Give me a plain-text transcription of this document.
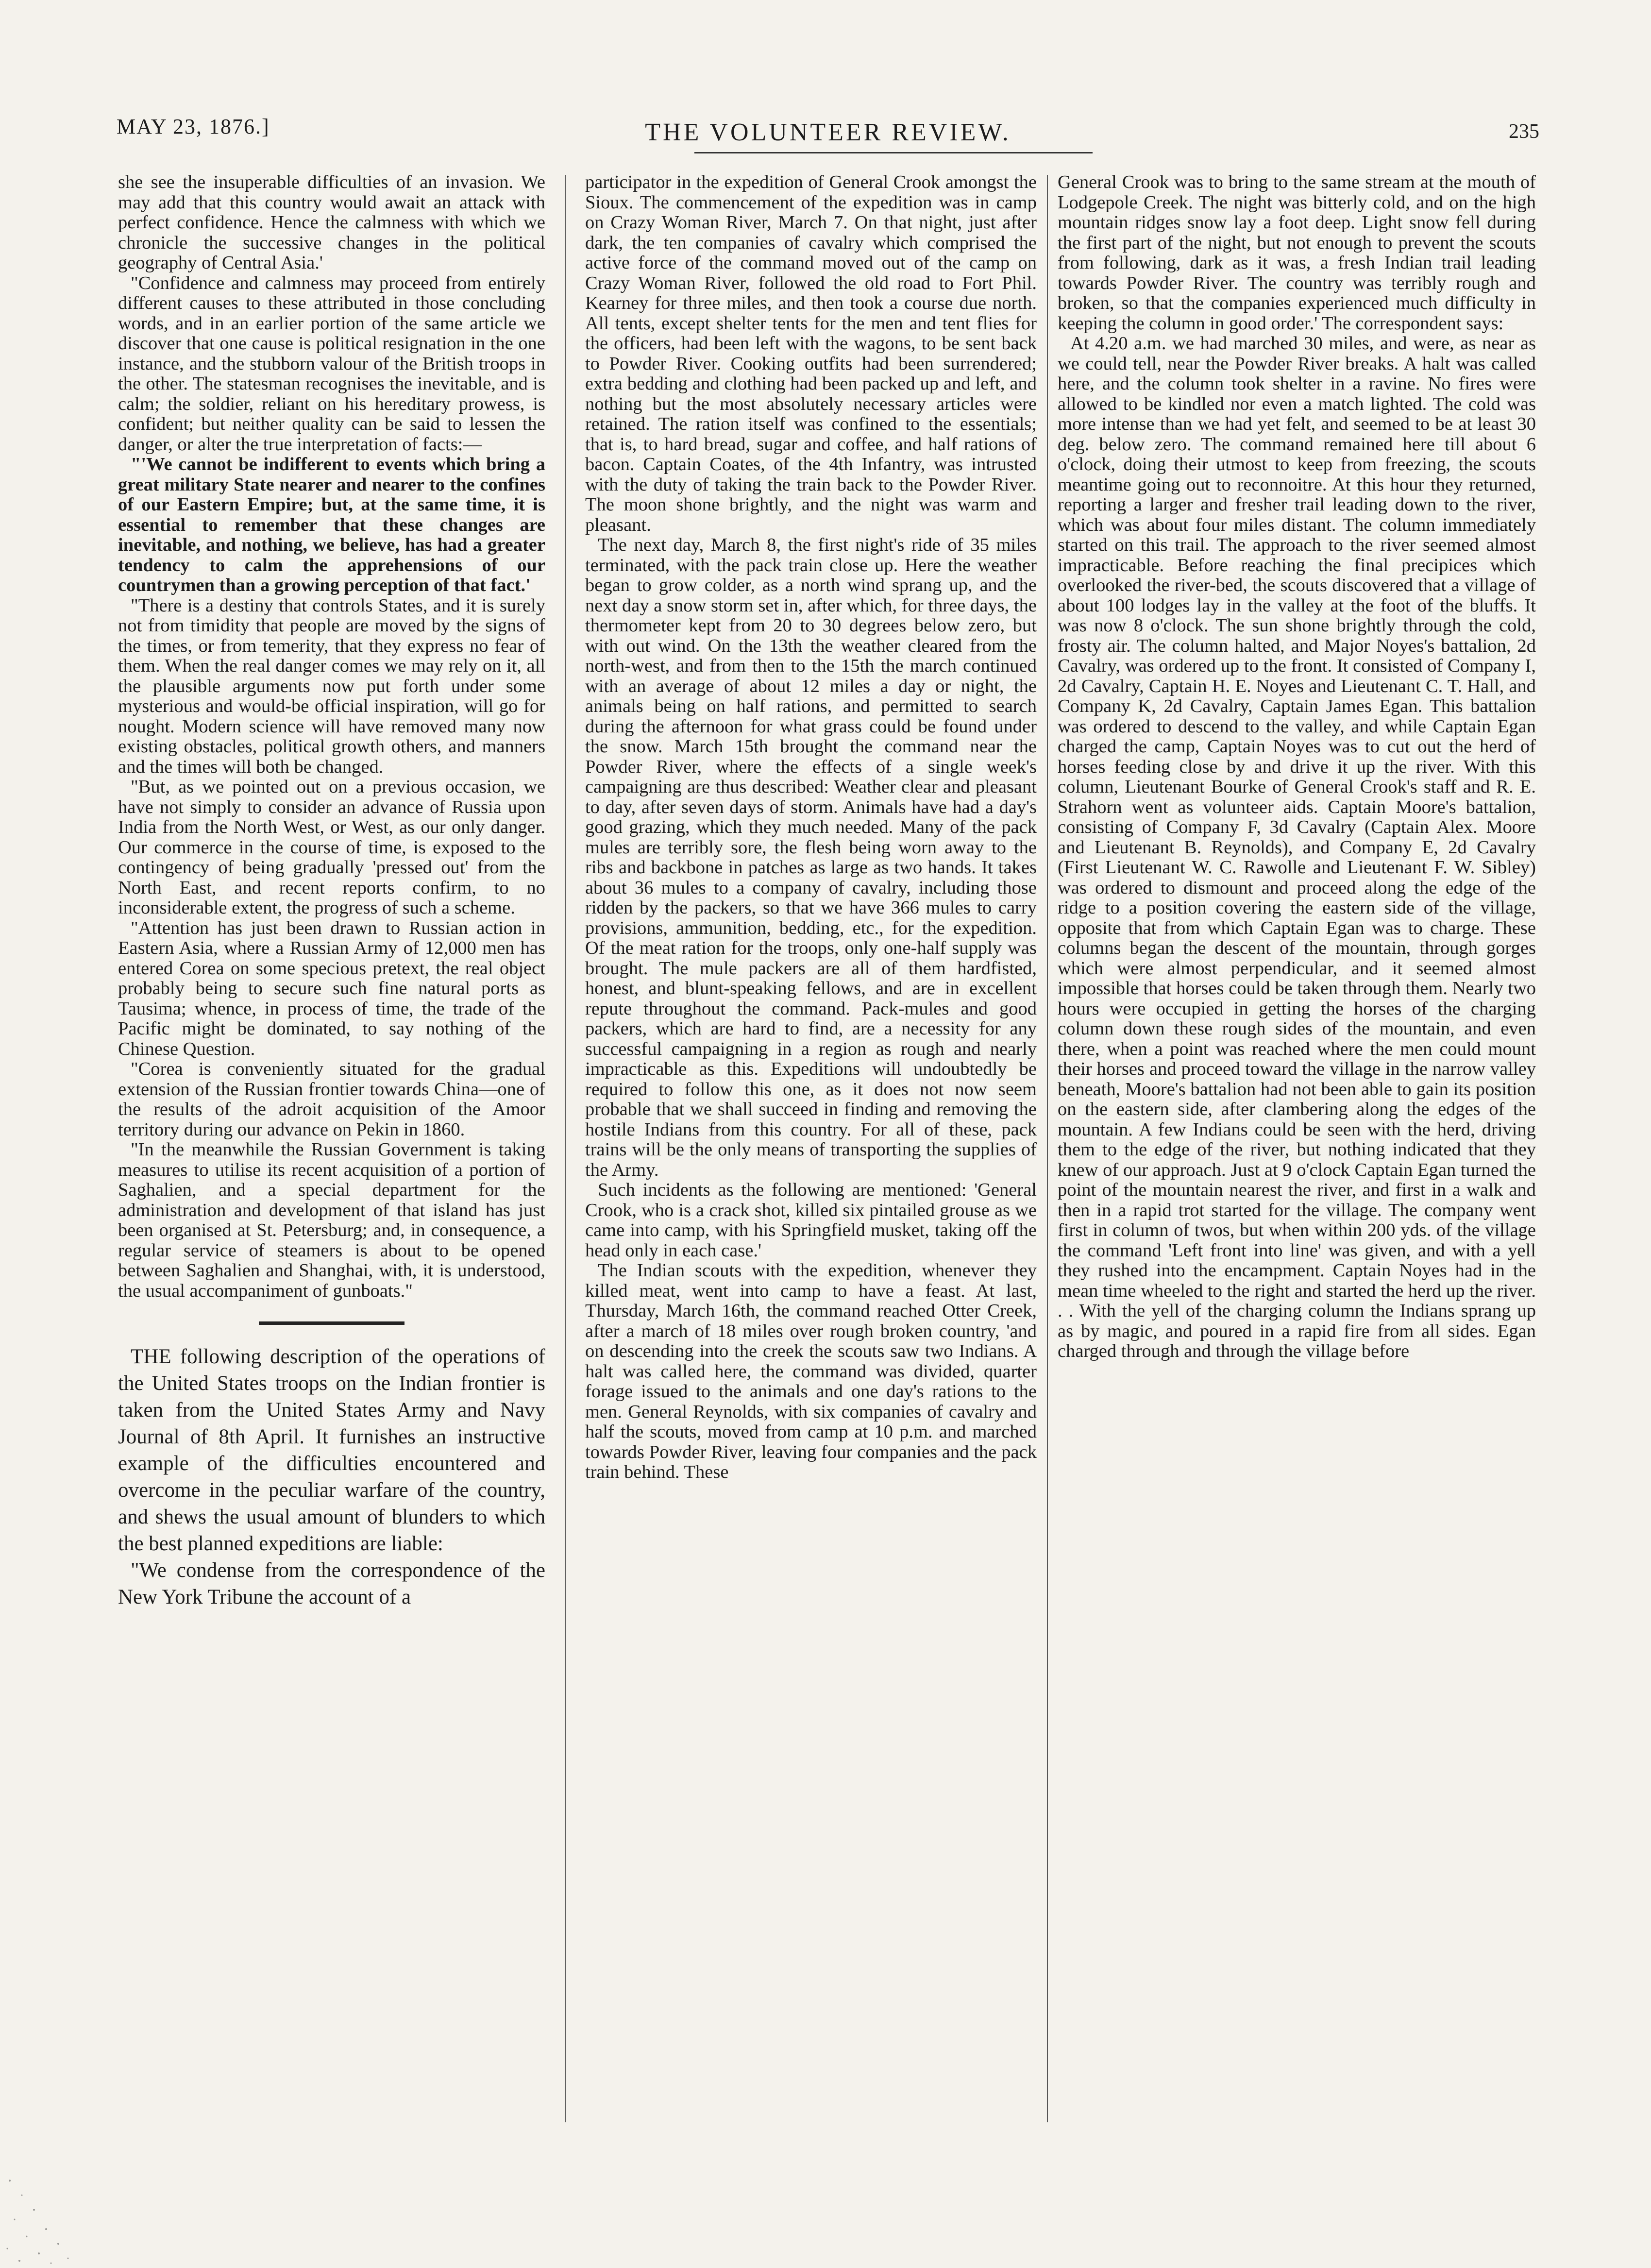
MAY 23, 1876.]	THE VOLUNTEER REVIEW.	235

she see the insuperable difficulties of an invasion. We may add that this country would await an attack with perfect confidence. Hence the calmness with which we chronicle the successive changes in the political geography of Central Asia.'

"Confidence and calmness may proceed from entirely different causes to these attributed in those concluding words, and in an earlier portion of the same article we discover that one cause is political resignation in the one instance, and the stubborn valour of the British troops in the other. The statesman recognises the inevitable, and is calm; the soldier, reliant on his hereditary prowess, is confident; but neither quality can be said to lessen the danger, or alter the true interpretation of facts:—

"'We cannot be indifferent to events which bring a great military State nearer and nearer to the confines of our Eastern Empire; but, at the same time, it is essential to remember that these changes are inevitable, and nothing, we believe, has had a greater tendency to calm the apprehensions of our countrymen than a growing perception of that fact.'

"There is a destiny that controls States, and it is surely not from timidity that people are moved by the signs of the times, or from temerity, that they express no fear of them. When the real danger comes we may rely on it, all the plausible arguments now put forth under some mysterious and would-be official inspiration, will go for nought. Modern science will have removed many now existing obstacles, political growth others, and manners and the times will both be changed.

"But, as we pointed out on a previous occasion, we have not simply to consider an advance of Russia upon India from the North West, or West, as our only danger. Our commerce in the course of time, is exposed to the contingency of being gradually 'pressed out' from the North East, and recent reports confirm, to no inconsiderable extent, the progress of such a scheme.

"Attention has just been drawn to Russian action in Eastern Asia, where a Russian Army of 12,000 men has entered Corea on some specious pretext, the real object probably being to secure such fine natural ports as Tausima; whence, in process of time, the trade of the Pacific might be dominated, to say nothing of the Chinese Question.

"Corea is conveniently situated for the gradual extension of the Russian frontier towards China—one of the results of the adroit acquisition of the Amoor territory during our advance on Pekin in 1860.

"In the meanwhile the Russian Government is taking measures to utilise its recent acquisition of a portion of Saghalien, and a special department for the administration and development of that island has just been organised at St. Petersburg; and, in consequence, a regular service of steamers is about to be opened between Saghalien and Shanghai, with, it is understood, the usual accompaniment of gunboats."

THE following description of the operations of the United States troops on the Indian frontier is taken from the United States Army and Navy Journal of 8th April. It furnishes an instructive example of the difficulties encountered and overcome in the peculiar warfare of the country, and shews the usual amount of blunders to which the best planned expeditions are liable:

"We condense from the correspondence of the New York Tribune the account of a

participator in the expedition of General Crook amongst the Sioux. The commencement of the expedition was in camp on Crazy Woman River, March 7. On that night, just after dark, the ten companies of cavalry which comprised the active force of the command moved out of the camp on Crazy Woman River, followed the old road to Fort Phil. Kearney for three miles, and then took a course due north. All tents, except shelter tents for the men and tent flies for the officers, had been left with the wagons, to be sent back to Powder River. Cooking outfits had been surrendered; extra bedding and clothing had been packed up and left, and nothing but the most absolutely necessary articles were retained. The ration itself was confined to the essentials; that is, to hard bread, sugar and coffee, and half rations of bacon. Captain Coates, of the 4th Infantry, was intrusted with the duty of taking the train back to the Powder River. The moon shone brightly, and the night was warm and pleasant.

The next day, March 8, the first night's ride of 35 miles terminated, with the pack train close up. Here the weather began to grow colder, as a north wind sprang up, and the next day a snow storm set in, after which, for three days, the thermometer kept from 20 to 30 degrees below zero, but with out wind. On the 13th the weather cleared from the north-west, and from then to the 15th the march continued with an average of about 12 miles a day or night, the animals being on half rations, and permitted to search during the afternoon for what grass could be found under the snow. March 15th brought the command near the Powder River, where the effects of a single week's campaigning are thus described: Weather clear and pleasant to day, after seven days of storm. Animals have had a day's good grazing, which they much needed. Many of the pack mules are terribly sore, the flesh being worn away to the ribs and backbone in patches as large as two hands. It takes about 36 mules to a company of cavalry, including those ridden by the packers, so that we have 366 mules to carry provisions, ammunition, bedding, etc., for the expedition. Of the meat ration for the troops, only one-half supply was brought. The mule packers are all of them hardfisted, honest, and blunt-speaking fellows, and are in excellent repute throughout the command. Pack-mules and good packers, which are hard to find, are a necessity for any successful campaigning in a region as rough and nearly impracticable as this. Expeditions will undoubtedly be required to follow this one, as it does not now seem probable that we shall succeed in finding and removing the hostile Indians from this country. For all of these, pack trains will be the only means of transporting the supplies of the Army.

Such incidents as the following are mentioned: 'General Crook, who is a crack shot, killed six pintailed grouse as we came into camp, with his Springfield musket, taking off the head only in each case.'

The Indian scouts with the expedition, whenever they killed meat, went into camp to have a feast. At last, Thursday, March 16th, the command reached Otter Creek, after a march of 18 miles over rough broken country, 'and on descending into the creek the scouts saw two Indians. A halt was called here, the command was divided, quarter forage issued to the animals and one day's rations to the men. General Reynolds, with six companies of cavalry and half the scouts, moved from camp at 10 p.m. and marched towards Powder River, leaving four companies and the pack train behind. These

General Crook was to bring to the same stream at the mouth of Lodgepole Creek. The night was bitterly cold, and on the high mountain ridges snow lay a foot deep. Light snow fell during the first part of the night, but not enough to prevent the scouts from following, dark as it was, a fresh Indian trail leading towards Powder River. The country was terribly rough and broken, so that the companies experienced much difficulty in keeping the column in good order.' The correspondent says:

At 4.20 a.m. we had marched 30 miles, and were, as near as we could tell, near the Powder River breaks. A halt was called here, and the column took shelter in a ravine. No fires were allowed to be kindled nor even a match lighted. The cold was more intense than we had yet felt, and seemed to be at least 30 deg. below zero. The command remained here till about 6 o'clock, doing their utmost to keep from freezing, the scouts meantime going out to reconnoitre. At this hour they returned, reporting a larger and fresher trail leading down to the river, which was about four miles distant. The column immediately started on this trail. The approach to the river seemed almost impracticable. Before reaching the final precipices which overlooked the river-bed, the scouts discovered that a village of about 100 lodges lay in the valley at the foot of the bluffs. It was now 8 o'clock. The sun shone brightly through the cold, frosty air. The column halted, and Major Noyes's battalion, 2d Cavalry, was ordered up to the front. It consisted of Company I, 2d Cavalry, Captain H. E. Noyes and Lieutenant C. T. Hall, and Company K, 2d Cavalry, Captain James Egan. This battalion was ordered to descend to the valley, and while Captain Egan charged the camp, Captain Noyes was to cut out the herd of horses feeding close by and drive it up the river. With this column, Lieutenant Bourke of General Crook's staff and R. E. Strahorn went as volunteer aids. Captain Moore's battalion, consisting of Company F, 3d Cavalry (Captain Alex. Moore and Lieutenant B. Reynolds), and Company E, 2d Cavalry (First Lieutenant W. C. Rawolle and Lieutenant F. W. Sibley) was ordered to dismount and proceed along the edge of the ridge to a position covering the eastern side of the village, opposite that from which Captain Egan was to charge. These columns began the descent of the mountain, through gorges which were almost perpendicular, and it seemed almost impossible that horses could be taken through them. Nearly two hours were occupied in getting the horses of the charging column down these rough sides of the mountain, and even there, when a point was reached where the men could mount their horses and proceed toward the village in the narrow valley beneath, Moore's battalion had not been able to gain its position on the eastern side, after clambering along the edges of the mountain. A few Indians could be seen with the herd, driving them to the edge of the river, but nothing indicated that they knew of our approach. Just at 9 o'clock Captain Egan turned the point of the mountain nearest the river, and first in a walk and then in a rapid trot started for the village. The company went first in column of twos, but when within 200 yds. of the village the command 'Left front into line' was given, and with a yell they rushed into the encampment. Captain Noyes had in the mean time wheeled to the right and started the herd up the river. . . With the yell of the charging column the Indians sprang up as by magic, and poured in a rapid fire from all sides. Egan charged through and through the village before
